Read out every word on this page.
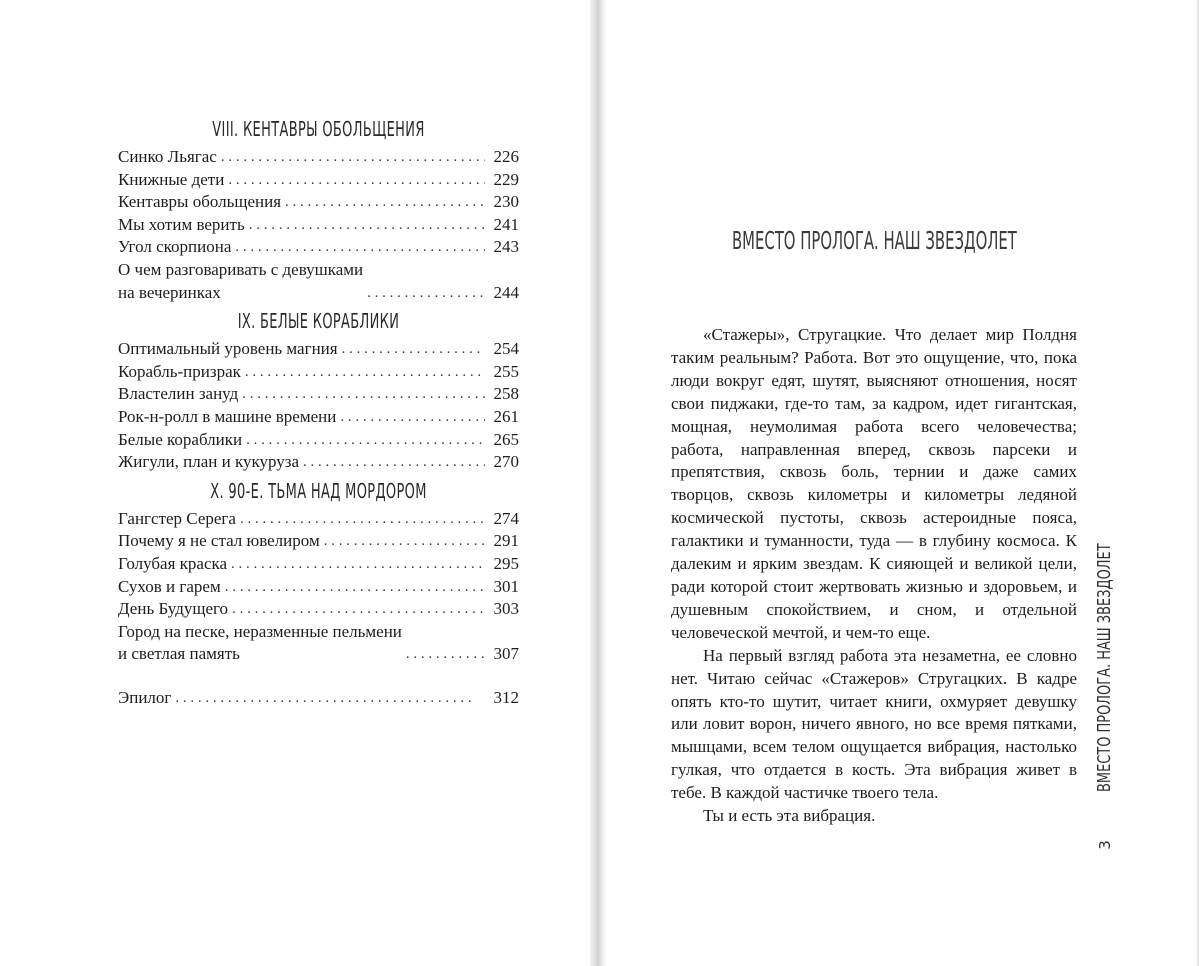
VIII. КЕНТАВРЫ ОБОЛЬЩЕНИЯ
Синко Льягас . . .	226
Книжные дети . . .	229
Кентавры обольщения . . .	230
Мы хотим верить . . .	241
Угол скорпиона . . .	243
О чем разговаривать с девушками
на вечеринках . . .	244
IX. БЕЛЫЕ КОРАБЛИКИ
Оптимальный уровень магния . . .	254
Корабль-призрак . . .	255
Властелин зануд . . .	258
Рок-н-ролл в машине времени . . .	261
Белые кораблики . . .	265
Жигули, план и кукуруза . . .	270
X. 90-Е. ТЬМА НАД МОРДОРОМ
Гангстер Серега . . .	274
Почему я не стал ювелиром . . .	291
Голубая краска . . .	295
Сухов и гарем . . .	301
День Будущего . . .	303
Город на песке, неразменные пельмени
и светлая память . . .	307
Эпилог . . .	312
ВМЕСТО ПРОЛОГА. НАШ ЗВЕЗДОЛЕТ

«Стажеры», Стругацкие. Что делает мир Полдня таким реальным? Работа. Вот это ощущение, что, пока люди вокруг едят, шутят, выясняют отношения, носят свои пиджаки, где-то там, за кадром, идет гигантская, мощная, неумолимая работа всего человечества; работа, направленная вперед, сквозь парсеки и препятствия, сквозь боль, тернии и даже самих творцов, сквозь километры и километры ледяной космической пустоты, сквозь астероидные пояса, галактики и туманности, туда — в глубину космоса. К далеким и ярким звездам. К сияющей и великой цели, ради которой стоит жертвовать жизнью и здоровьем, и душевным спокойствием, и сном, и отдельной человеческой мечтой, и чем-то еще.

На первый взгляд работа эта незаметна, ее словно нет. Читаю сейчас «Стажеров» Стругацких. В кадре опять кто-то шутит, читает книги, охмуряет девушку или ловит ворон, ничего явного, но все время пятками, мышцами, всем телом ощущается вибрация, настолько гулкая, что отдается в кость. Эта вибрация живет в тебе. В каждой частичке твоего тела.

Ты и есть эта вибрация.

ВМЕСТО ПРОЛОГА. НАШ ЗВЕЗДОЛЕТ
3
